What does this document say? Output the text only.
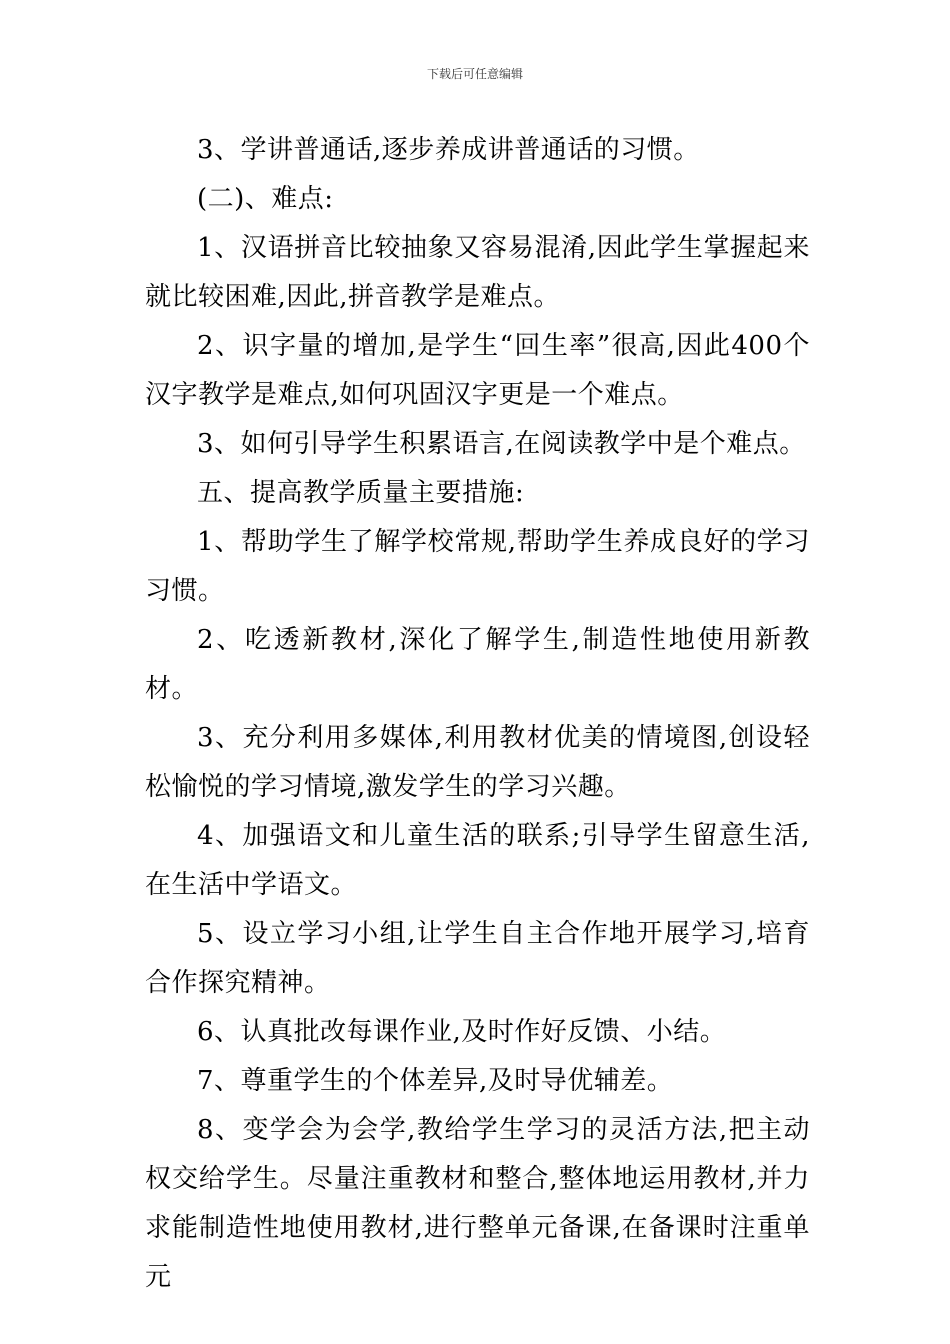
下载后可任意编辑

3、学讲普通话,逐步养成讲普通话的习惯。

(二)、难点:

1、汉语拼音比较抽象又容易混淆,因此学生掌握起来就比较困难,因此,拼音教学是难点。

2、识字量的增加,是学生“回生率”很高,因此400个汉字教学是难点,如何巩固汉字更是一个难点。

3、如何引导学生积累语言,在阅读教学中是个难点。

五、提高教学质量主要措施:

1、帮助学生了解学校常规,帮助学生养成良好的学习习惯。

2、吃透新教材,深化了解学生,制造性地使用新教材。

3、充分利用多媒体,利用教材优美的情境图,创设轻松愉悦的学习情境,激发学生的学习兴趣。

4、加强语文和儿童生活的联系;引导学生留意生活,在生活中学语文。

5、设立学习小组,让学生自主合作地开展学习,培育合作探究精神。

6、认真批改每课作业,及时作好反馈、小结。

7、尊重学生的个体差异,及时导优辅差。

8、变学会为会学,教给学生学习的灵活方法,把主动权交给学生。尽量注重教材和整合,整体地运用教材,并力求能制造性地使用教材,进行整单元备课,在备课时注重单元
